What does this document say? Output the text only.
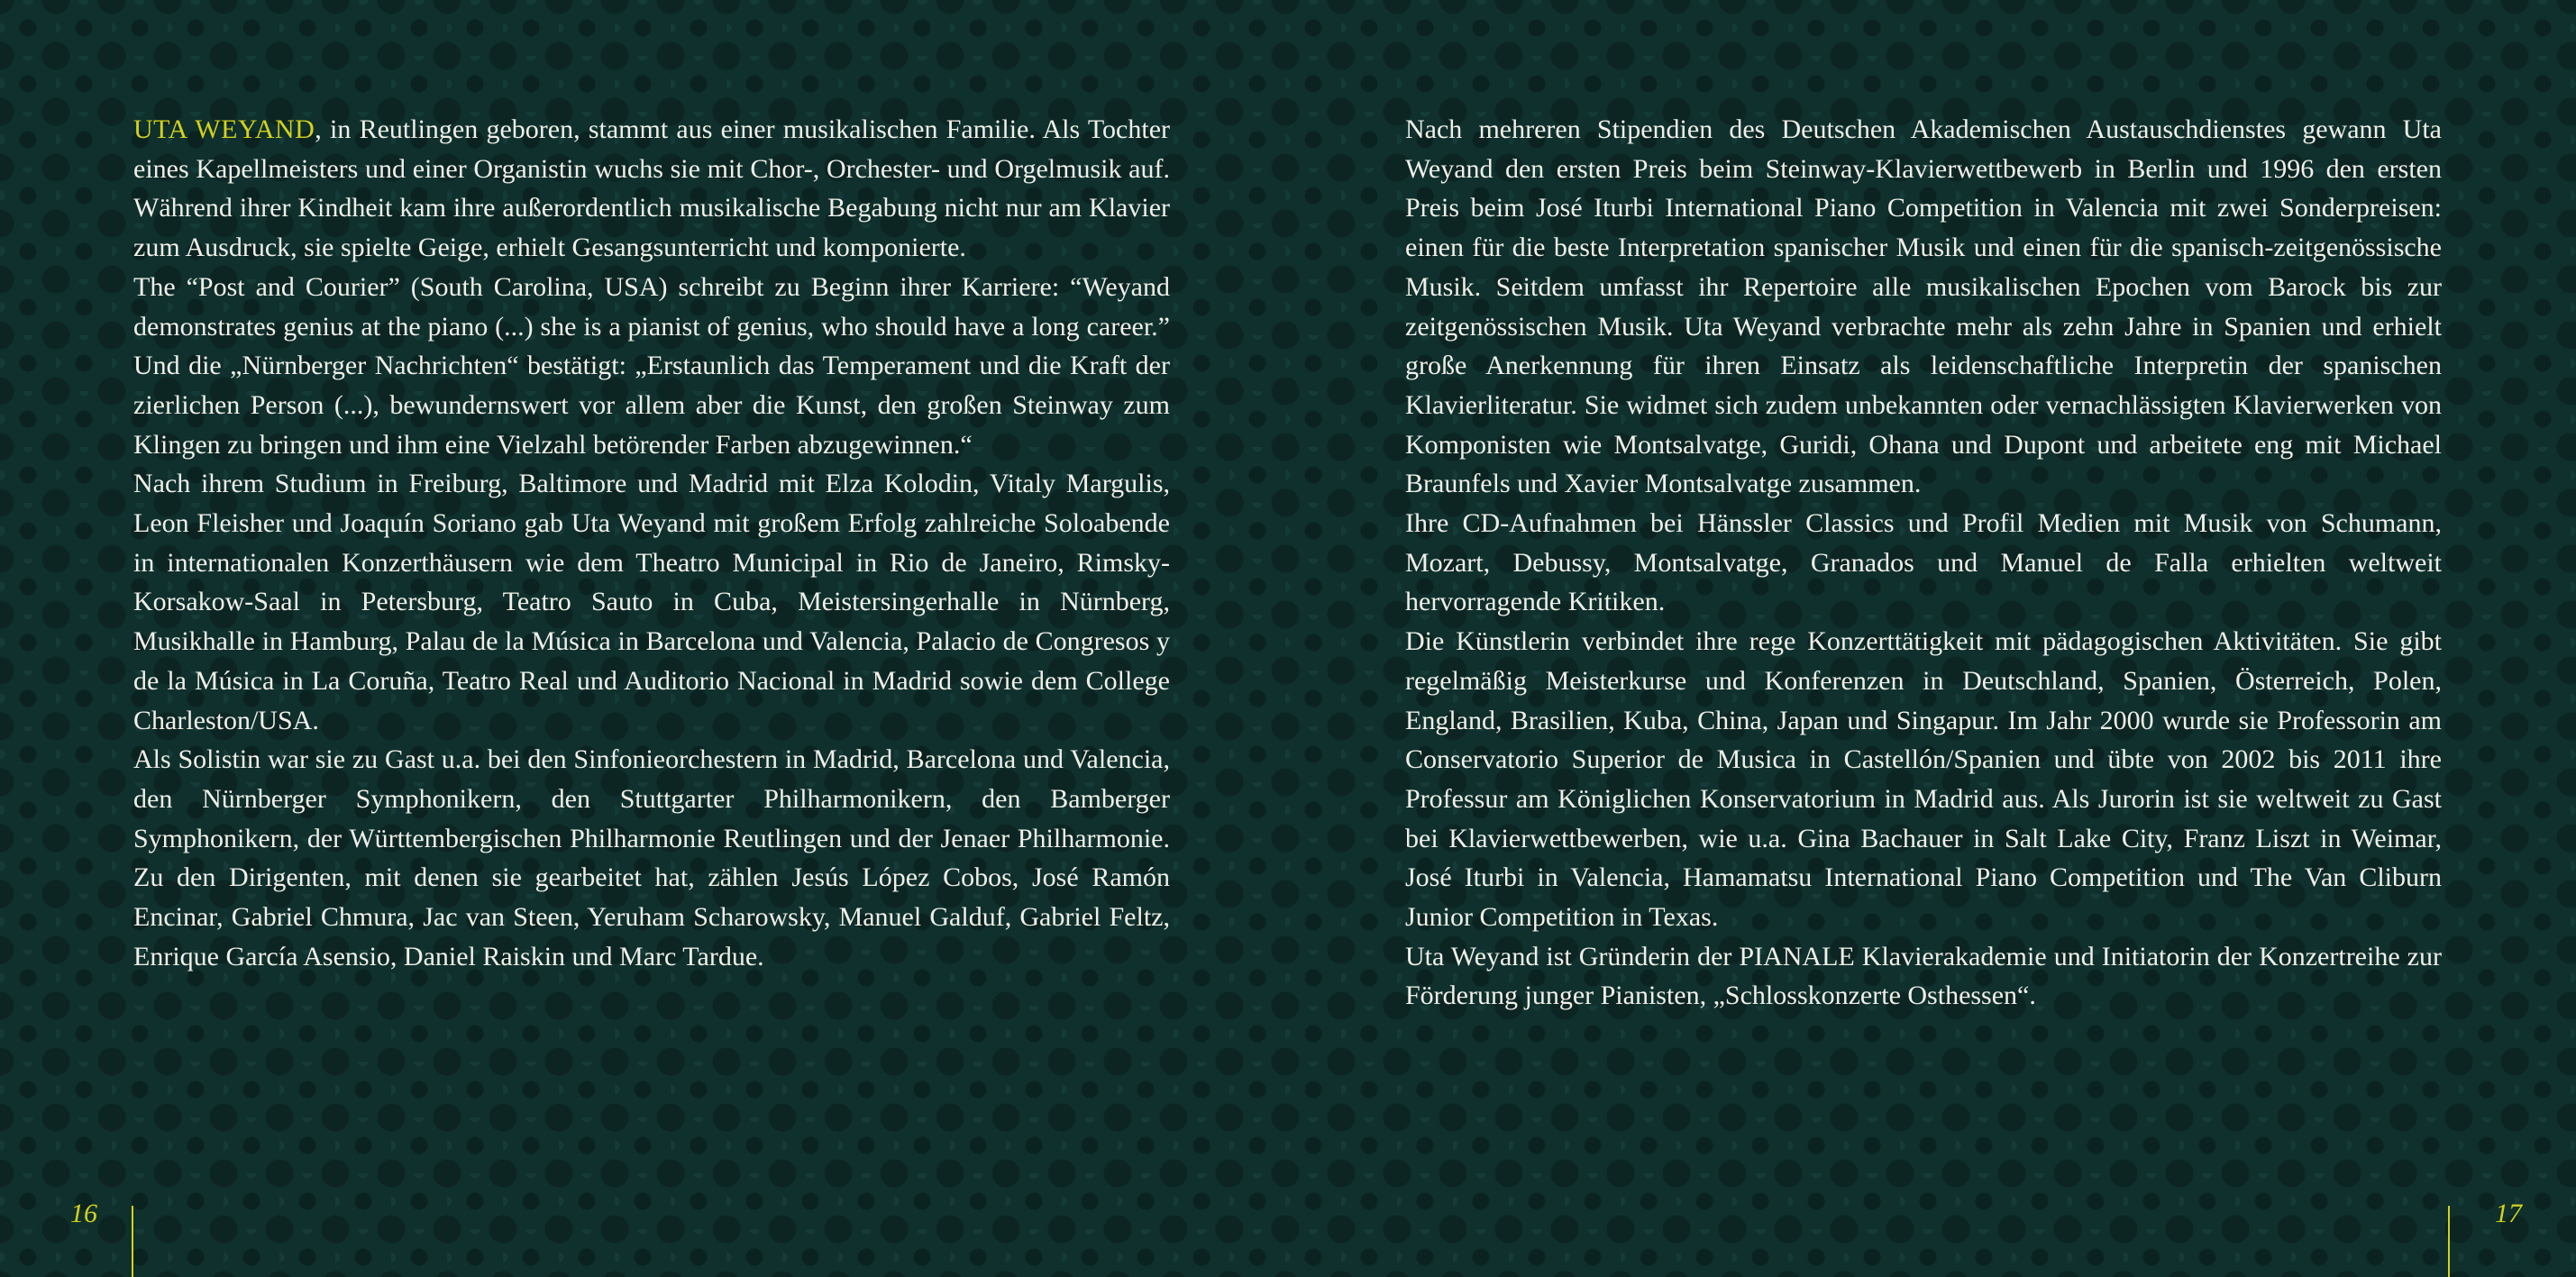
UTA WEYAND, in Reutlingen geboren, stammt aus einer musikalischen Familie. Als Tochter eines Kapellmeisters und einer Organistin wuchs sie mit Chor-, Orchester- und Orgelmusik auf. Während ihrer Kindheit kam ihre außerordentlich musikalische Begabung nicht nur am Klavier zum Ausdruck, sie spielte Geige, erhielt Gesangsunterricht und komponierte.

The “Post and Courier” (South Carolina, USA) schreibt zu Beginn ihrer Karriere: “Weyand demonstrates genius at the piano (...) she is a pianist of genius, who should have a long career.” Und die „Nürnberger Nachrichten“ bestätigt: „Erstaunlich das Temperament und die Kraft der zierlichen Person (...), bewundernswert vor allem aber die Kunst, den großen Steinway zum Klingen zu bringen und ihm eine Vielzahl betörender Farben abzugewinnen.“

Nach ihrem Studium in Freiburg, Baltimore und Madrid mit Elza Kolodin, Vitaly Margulis, Leon Fleisher und Joaquín Soriano gab Uta Weyand mit großem Erfolg zahlreiche Soloabende in internationalen Konzerthäusern wie dem Theatro Municipal in Rio de Janeiro, Rimsky-Korsakow-Saal in Petersburg, Teatro Sauto in Cuba, Meistersingerhalle in Nürnberg, Musikhalle in Hamburg, Palau de la Música in Barcelona und Valencia, Palacio de Congresos y de la Música in La Coruña, Teatro Real und Auditorio Nacional in Madrid sowie dem College Charleston/USA.

Als Solistin war sie zu Gast u.a. bei den Sinfonieorchestern in Madrid, Barcelona und Valencia, den Nürnberger Symphonikern, den Stuttgarter Philharmonikern, den Bamberger Symphonikern, der Württembergischen Philharmonie Reutlingen und der Jenaer Philharmonie. Zu den Dirigenten, mit denen sie gearbeitet hat, zählen Jesús López Cobos, José Ramón Encinar, Gabriel Chmura, Jac van Steen, Yeruham Scharowsky, Manuel Galduf, Gabriel Feltz, Enrique García Asensio, Daniel Raiskin und Marc Tardue.

16

Nach mehreren Stipendien des Deutschen Akademischen Austauschdienstes gewann Uta Weyand den ersten Preis beim Steinway-Klavierwettbewerb in Berlin und 1996 den ersten Preis beim José Iturbi International Piano Competition in Valencia mit zwei Sonderpreisen: einen für die beste Interpretation spanischer Musik und einen für die spanisch-zeitgenössische Musik. Seitdem umfasst ihr Repertoire alle musikalischen Epochen vom Barock bis zur zeitgenössischen Musik. Uta Weyand verbrachte mehr als zehn Jahre in Spanien und erhielt große Anerkennung für ihren Einsatz als leidenschaftliche Interpretin der spanischen Klavierliteratur. Sie widmet sich zudem unbekannten oder vernachlässigten Klavierwerken von Komponisten wie Montsalvatge, Guridi, Ohana und Dupont und arbeitete eng mit Michael Braunfels und Xavier Montsalvatge zusammen.

Ihre CD-Aufnahmen bei Hänssler Classics und Profil Medien mit Musik von Schumann, Mozart, Debussy, Montsalvatge, Granados und Manuel de Falla erhielten weltweit hervorragende Kritiken.

Die Künstlerin verbindet ihre rege Konzerttätigkeit mit pädagogischen Aktivitäten. Sie gibt regelmäßig Meisterkurse und Konferenzen in Deutschland, Spanien, Österreich, Polen, England, Brasilien, Kuba, China, Japan und Singapur. Im Jahr 2000 wurde sie Professorin am Conservatorio Superior de Musica in Castellón/Spanien und übte von 2002 bis 2011 ihre Professur am Königlichen Konservatorium in Madrid aus. Als Jurorin ist sie weltweit zu Gast bei Klavierwettbewerben, wie u.a. Gina Bachauer in Salt Lake City, Franz Liszt in Weimar, José Iturbi in Valencia, Hamamatsu International Piano Competition und The Van Cliburn Junior Competition in Texas.

Uta Weyand ist Gründerin der PIANALE Klavierakademie und Initiatorin der Konzertreihe zur Förderung junger Pianisten, „Schlosskonzerte Osthessen“.

17
